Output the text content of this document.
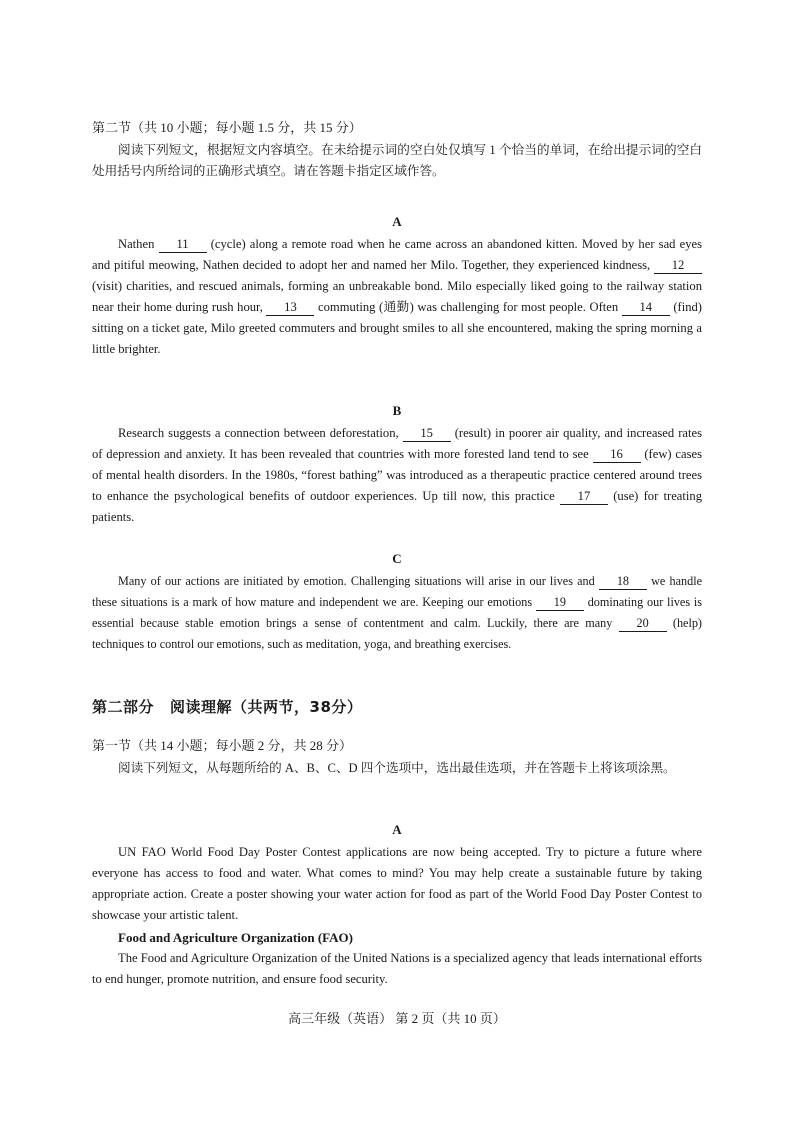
第二节（共 10 小题；每小题 1.5 分，共 15 分）
阅读下列短文，根据短文内容填空。在未给提示词的空白处仅填写 1 个恰当的单词，在给出提示词的空白处用括号内所给词的正确形式填空。请在答题卡指定区域作答。
A
Nathen 11 (cycle) along a remote road when he came across an abandoned kitten. Moved by her sad eyes and pitiful meowing, Nathen decided to adopt her and named her Milo. Together, they experienced kindness, 12 (visit) charities, and rescued animals, forming an unbreakable bond. Milo especially liked going to the railway station near their home during rush hour, 13 commuting (通勤) was challenging for most people. Often 14 (find) sitting on a ticket gate, Milo greeted commuters and brought smiles to all she encountered, making the spring morning a little brighter.
B
Research suggests a connection between deforestation, 15 (result) in poorer air quality, and increased rates of depression and anxiety. It has been revealed that countries with more forested land tend to see 16 (few) cases of mental health disorders. In the 1980s, “forest bathing” was introduced as a therapeutic practice centered around trees to enhance the psychological benefits of outdoor experiences. Up till now, this practice 17 (use) for treating patients.
C
Many of our actions are initiated by emotion. Challenging situations will arise in our lives and 18 we handle these situations is a mark of how mature and independent we are. Keeping our emotions 19 dominating our lives is essential because stable emotion brings a sense of contentment and calm. Luckily, there are many 20 (help) techniques to control our emotions, such as meditation, yoga, and breathing exercises.
第二部分 阅读理解（共两节，38分）
第一节（共 14 小题；每小题 2 分，共 28 分）
阅读下列短文，从每题所给的 A、B、C、D 四个选项中，选出最佳选项，并在答题卡上将该项涂黑。
A
UN FAO World Food Day Poster Contest applications are now being accepted. Try to picture a future where everyone has access to food and water. What comes to mind? You may help create a sustainable future by taking appropriate action. Create a poster showing your water action for food as part of the World Food Day Poster Contest to showcase your artistic talent.
Food and Agriculture Organization (FAO)
The Food and Agriculture Organization of the United Nations is a specialized agency that leads international efforts to end hunger, promote nutrition, and ensure food security.
高三年级（英语） 第 2 页（共 10 页）
